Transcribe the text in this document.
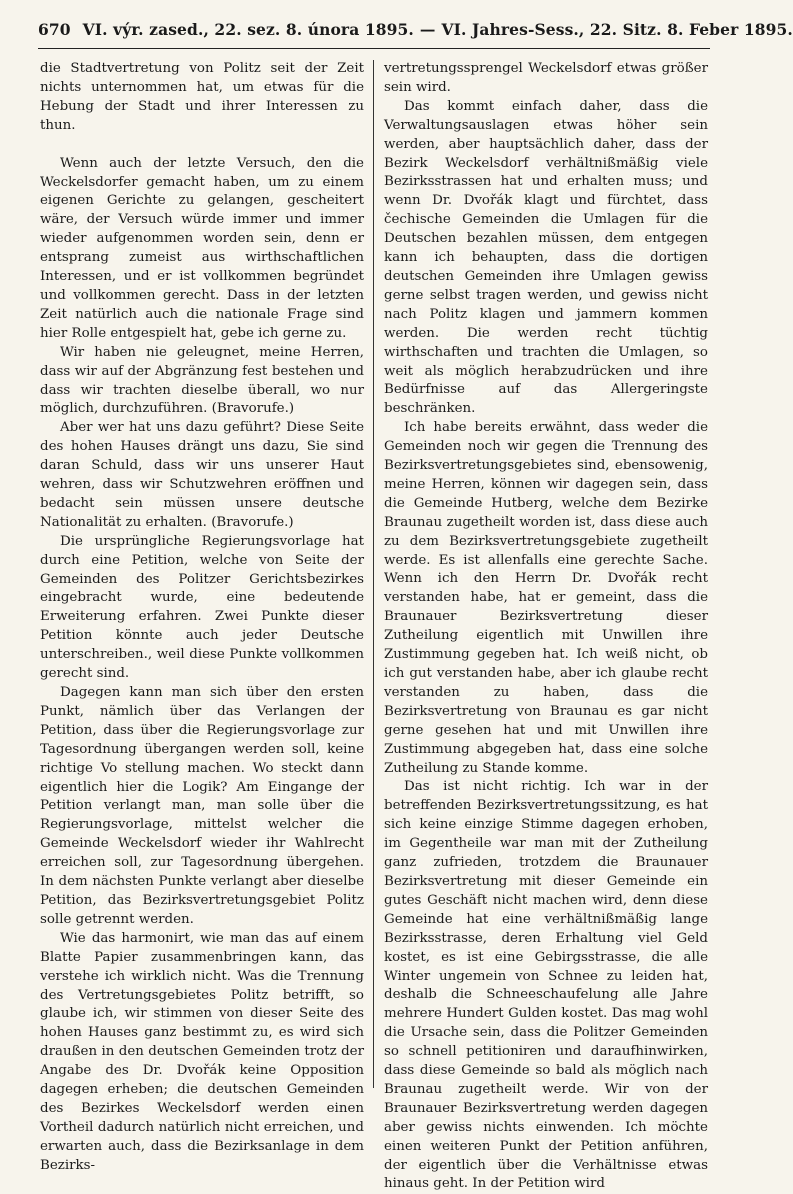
670 VI. výr. zased., 22. sez. 8. února 1895. — VI. Jahres-Sess., 22. Sitz. 8. Feber 1895.

die Stadtvertretung von Politz seit der Zeit nichts unternommen hat, um etwas für die Hebung der Stadt und ihrer Interessen zu thun.

Wenn auch der letzte Versuch, den die Weckelsdorfer gemacht haben, um zu einem eigenen Gerichte zu gelangen, gescheitert wäre, der Versuch würde immer und immer wieder aufgenommen worden sein, denn er entsprang zumeist aus wirthschaftlichen Interessen, und er ist vollkommen begründet und vollkommen gerecht. Dass in der letzten Zeit natürlich auch die nationale Frage sind hier Rolle entgespielt hat, gebe ich gerne zu.

Wir haben nie geleugnet, meine Herren, dass wir auf der Abgränzung fest bestehen und dass wir trachten dieselbe überall, wo nur möglich, durchzuführen. (Bravorufe.)

Aber wer hat uns dazu geführt? Diese Seite des hohen Hauses drängt uns dazu, Sie sind daran Schuld, dass wir uns unserer Haut wehren, dass wir Schutzwehren eröffnen und bedacht sein müssen unsere deutsche Nationalität zu erhalten. (Bravorufe.)

Die ursprüngliche Regierungsvorlage hat durch eine Petition, welche von Seite der Gemeinden des Politzer Gerichtsbezirkes eingebracht wurde, eine bedeutende Erweiterung erfahren. Zwei Punkte dieser Petition könnte auch jeder Deutsche unterschreiben., weil diese Punkte vollkommen gerecht sind.

Dagegen kann man sich über den ersten Punkt, nämlich über das Verlangen der Petition, dass über die Regierungsvorlage zur Tagesordnung übergangen werden soll, keine richtige Vo stellung machen. Wo steckt dann eigentlich hier die Logik? Am Eingange der Petition verlangt man, man solle über die Regierungsvorlage, mittelst welcher die Gemeinde Weckelsdorf wieder ihr Wahlrecht erreichen soll, zur Tagesordnung übergehen. In dem nächsten Punkte verlangt aber dieselbe Petition, das Bezirksvertretungsgebiet Politz solle getrennt werden.

Wie das harmonirt, wie man das auf einem Blatte Papier zusammenbringen kann, das verstehe ich wirklich nicht. Was die Trennung des Vertretungsgebietes Politz betrifft, so glaube ich, wir stimmen von dieser Seite des hohen Hauses ganz bestimmt zu, es wird sich draußen in den deutschen Gemeinden trotz der Angabe des Dr. Dvořák keine Opposition dagegen erheben; die deutschen Gemeinden des Bezirkes Weckelsdorf werden einen Vortheil dadurch natürlich nicht erreichen, und erwarten auch, dass die Bezirksanlage in dem Bezirks-

vertretungssprengel Weckelsdorf etwas größer sein wird.

Das kommt einfach daher, dass die Verwaltungsauslagen etwas höher sein werden, aber hauptsächlich daher, dass der Bezirk Weckelsdorf verhältnißmäßig viele Bezirksstrassen hat und erhalten muss; und wenn Dr. Dvořák klagt und fürchtet, dass čechische Gemeinden die Umlagen für die Deutschen bezahlen müssen, dem entgegen kann ich behaupten, dass die dortigen deutschen Gemeinden ihre Umlagen gewiss gerne selbst tragen werden, und gewiss nicht nach Politz klagen und jammern kommen werden. Die werden recht tüchtig wirthschaften und trachten die Umlagen, so weit als möglich herabzudrücken und ihre Bedürfnisse auf das Allergeringste beschränken.

Ich habe bereits erwähnt, dass weder die Gemeinden noch wir gegen die Trennung des Bezirksvertretungsgebietes sind, ebensowenig, meine Herren, können wir dagegen sein, dass die Gemeinde Hutberg, welche dem Bezirke Braunau zugetheilt worden ist, dass diese auch zu dem Bezirksvertretungsgebiete zugetheilt werde. Es ist allenfalls eine gerechte Sache. Wenn ich den Herrn Dr. Dvořák recht verstanden habe, hat er gemeint, dass die Braunauer Bezirksvertretung dieser Zutheilung eigentlich mit Unwillen ihre Zustimmung gegeben hat. Ich weiß nicht, ob ich gut verstanden habe, aber ich glaube recht verstanden zu haben, dass die Bezirksvertretung von Braunau es gar nicht gerne gesehen hat und mit Unwillen ihre Zustimmung abgegeben hat, dass eine solche Zutheilung zu Stande komme.

Das ist nicht richtig. Ich war in der betreffenden Bezirksvertretungssitzung, es hat sich keine einzige Stimme dagegen erhoben, im Gegentheile war man mit der Zutheilung ganz zufrieden, trotzdem die Braunauer Bezirksvertretung mit dieser Gemeinde ein gutes Geschäft nicht machen wird, denn diese Gemeinde hat eine verhältnißmäßig lange Bezirksstrasse, deren Erhaltung viel Geld kostet, es ist eine Gebirgsstrasse, die alle Winter ungemein von Schnee zu leiden hat, deshalb die Schneeschaufelung alle Jahre mehrere Hundert Gulden kostet. Das mag wohl die Ursache sein, dass die Politzer Gemeinden so schnell petitioniren und daraufhinwirken, dass diese Gemeinde so bald als möglich nach Braunau zugetheilt werde. Wir von der Braunauer Bezirksvertretung werden dagegen aber gewiss nichts einwenden. Ich möchte einen weiteren Punkt der Petition anführen, der eigentlich über die Verhältnisse etwas hinaus geht. In der Petition wird
